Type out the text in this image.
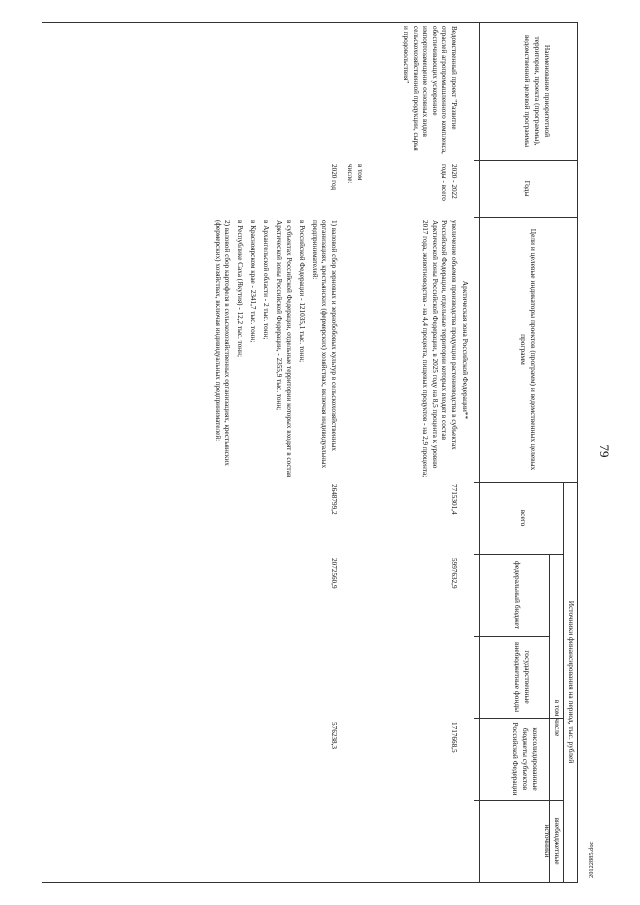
79
Наименование приоритетной территории, проекта (программы), ведомственной целевой программы
Годы
Цели и целевые индикаторы проектов (программ) и ведомственных целевых программ
Источники финансирования на период, тыс. рублей
всего
в том числе
федеральный бюджет
государственные внебюджетные фонды
консолидированные бюджеты субъектов Российской Федерации
внебюджетные источники
Арктическая зона Российской Федерации**
Ведомственный проект "Развитие отраслей агропромышленного комплекса, обеспечивающих ускоренное импортозамещение основных видов сельскохозяйственной продукции, сырья и продовольствия"
2020 - 2022 годы - всего
увеличение объемов производства продукции растениеводства в субъектах Российской Федерации, отдельные территории которых входят в состав Арктической зоны Российской Федерации, в 2025 году на 8,5 процента к уровню 2017 года, животноводства - на 4,4 процента, пищевых продуктов - на 2,9 процента;
7715301,4
5997632,9
1717668,5
в том числе:
2020 год

1) валовой сбор зерновых и зернобобовых культур в сельскохозяйственных организациях, крестьянских (фермерских) хозяйствах, включая индивидуальных предпринимателей:

в Российской Федерации - 121035,1 тыс. тонн;

в субъектах Российской Федерации, отдельные территории которых входят в состав Арктической зоны Российской Федерации, - 2355,9 тыс. тонн;

в Архангельской области - 2 тыс. тонн;

в Красноярском крае - 2341,7 тыс. тонн;

в Республике Саха (Якутия) - 12,2 тыс. тонн;

2) валовой сбор картофеля в сельскохозяйственных организациях, крестьянских (фермерских) хозяйствах, включая индивидуальных предпринимателей:

2648799,2
2072560,9
576238,3
20122885.doc
